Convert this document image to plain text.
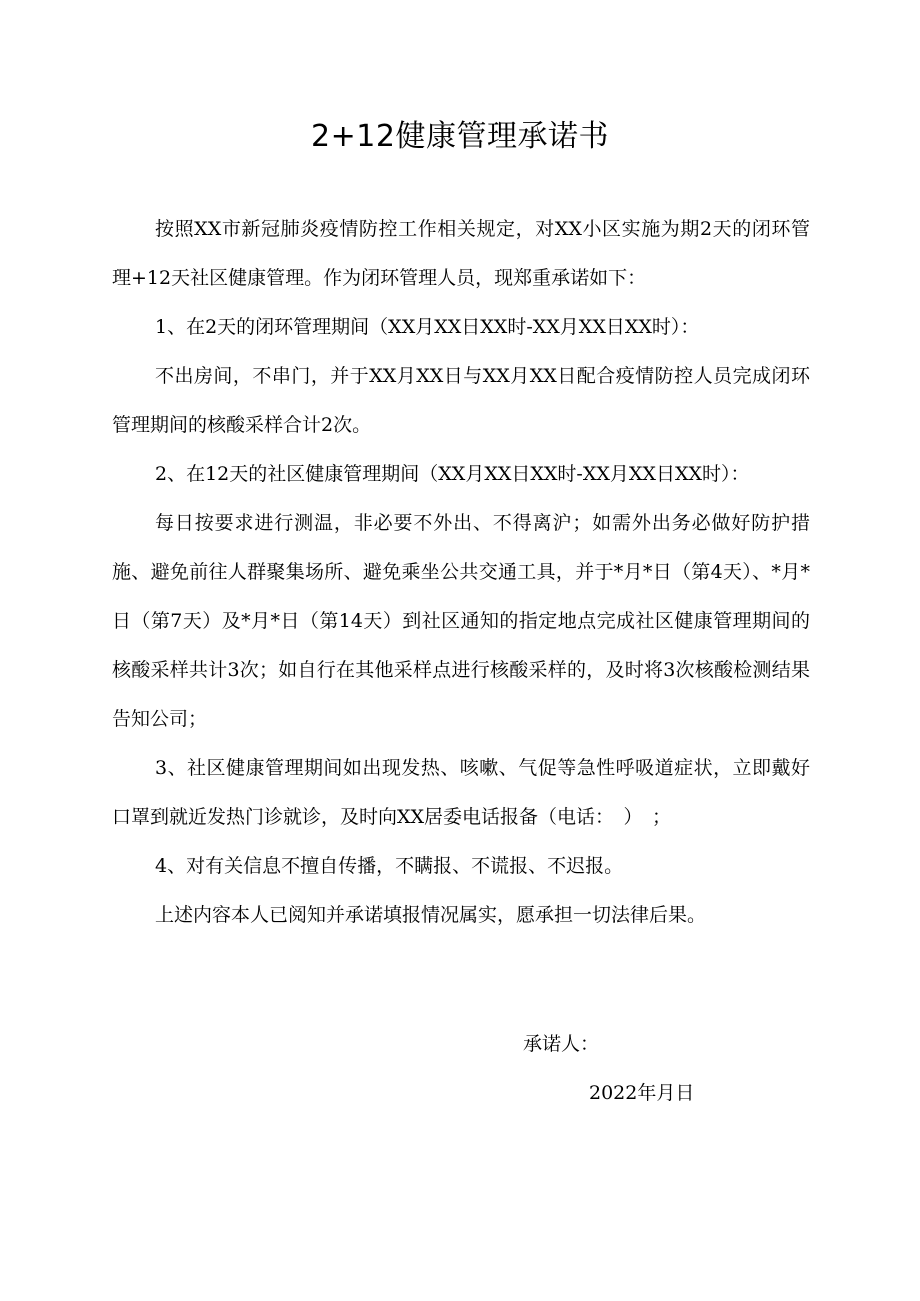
2+12健康管理承诺书

按照XX市新冠肺炎疫情防控工作相关规定，对XX小区实施为期2天的闭环管理+12天社区健康管理。作为闭环管理人员，现郑重承诺如下：

1、在2天的闭环管理期间（XX月XX日XX时-XX月XX日XX时）：

不出房间，不串门，并于XX月XX日与XX月XX日配合疫情防控人员完成闭环管理期间的核酸采样合计2次。

2、在12天的社区健康管理期间（XX月XX日XX时-XX月XX日XX时）：

每日按要求进行测温，非必要不外出、不得离沪；如需外出务必做好防护措施、避免前往人群聚集场所、避免乘坐公共交通工具，并于*月*日（第4天）、*月*日（第7天）及*月*日（第14天）到社区通知的指定地点完成社区健康管理期间的核酸采样共计3次；如自行在其他采样点进行核酸采样的，及时将3次核酸检测结果告知公司；

3、社区健康管理期间如出现发热、咳嗽、气促等急性呼吸道症状，立即戴好口罩到就近发热门诊就诊，及时向XX居委电话报备（电话：　）　；

4、对有关信息不擅自传播，不瞒报、不谎报、不迟报。

上述内容本人已阅知并承诺填报情况属实，愿承担一切法律后果。

承诺人：
2022年月日
